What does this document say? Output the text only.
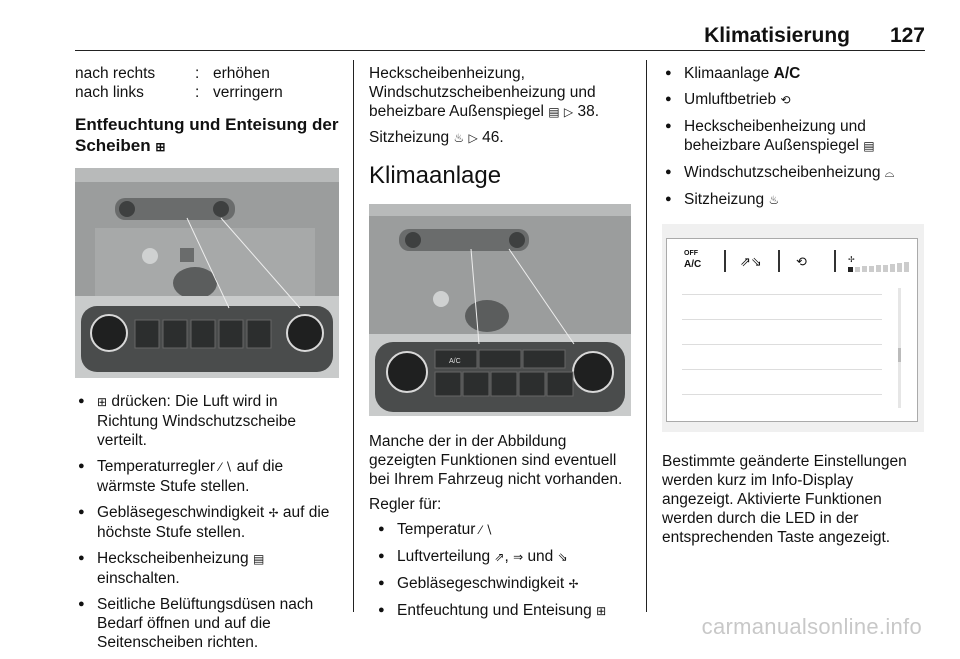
Klimatisierung 127
nach rechts	: erhöhen
nach links	: verringern
Entfeuchtung und Enteisung der Scheiben ⊞
● ⊞ drücken: Die Luft wird in Richtung Windschutzscheibe verteilt.
● Temperaturregler ⁄ ∖ auf die wärmste Stufe stellen.
● Gebläsegeschwindigkeit ✢ auf die höchste Stufe stellen.
● Heckscheibenheizung ▤
einschalten.
● Seitliche Belüftungsdüsen nach Bedarf öffnen und auf die Seitenscheiben richten.
Heckscheibenheizung, Windschutzscheibenheizung und beheizbare Außenspiegel ▤ ▷ 38.
Sitzheizung ♨ ▷ 46.
Klimaanlage
A/C
Manche der in der Abbildung gezeigten Funktionen sind eventuell bei Ihrem Fahrzeug nicht vorhanden.
Regler für:
● Temperatur ⁄ ∖
● Luftverteilung ⇗, ⇒ und ⇘
● Gebläsegeschwindigkeit ✢
● Entfeuchtung und Enteisung ⊞
● Klimaanlage A/C
● Umluftbetrieb ⟲
● Heckscheibenheizung und beheizbare Außenspiegel ▤
● Windschutzscheibenheizung ⌓
● Sitzheizung ♨
OFF
A/C	⇗⇘	⟲	✢
Bestimmte geänderte Einstellungen werden kurz im Info-Display angezeigt. Aktivierte Funktionen werden durch die LED in der entsprechenden Taste angezeigt.
carmanualsonline.info
